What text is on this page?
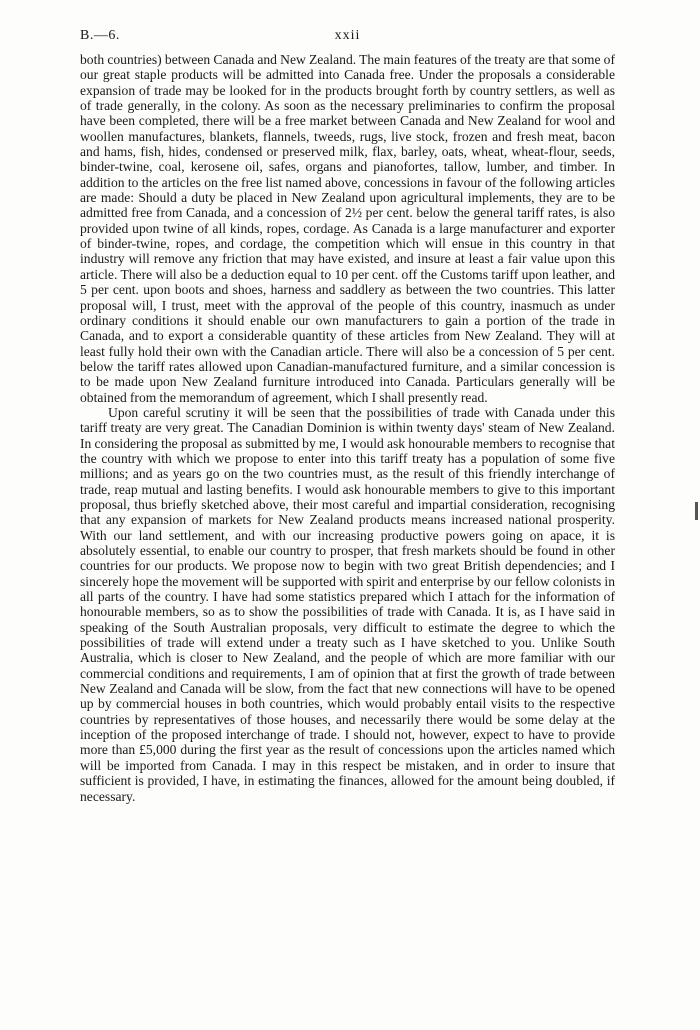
B.—6.	xxii

both countries) between Canada and New Zealand. The main features of the treaty are that some of our great staple products will be admitted into Canada free. Under the proposals a considerable expansion of trade may be looked for in the products brought forth by country settlers, as well as of trade generally, in the colony. As soon as the necessary preliminaries to confirm the proposal have been completed, there will be a free market between Canada and New Zealand for wool and woollen manufactures, blankets, flannels, tweeds, rugs, live stock, frozen and fresh meat, bacon and hams, fish, hides, condensed or preserved milk, flax, barley, oats, wheat, wheat-flour, seeds, binder-twine, coal, kerosene oil, safes, organs and pianofortes, tallow, lumber, and timber. In addition to the articles on the free list named above, concessions in favour of the following articles are made: Should a duty be placed in New Zealand upon agricultural implements, they are to be admitted free from Canada, and a concession of 2½ per cent. below the general tariff rates, is also provided upon twine of all kinds, ropes, cordage. As Canada is a large manufacturer and exporter of binder-twine, ropes, and cordage, the competition which will ensue in this country in that industry will remove any friction that may have existed, and insure at least a fair value upon this article. There will also be a deduction equal to 10 per cent. off the Customs tariff upon leather, and 5 per cent. upon boots and shoes, harness and saddlery as between the two countries. This latter proposal will, I trust, meet with the approval of the people of this country, inasmuch as under ordinary conditions it should enable our own manufacturers to gain a portion of the trade in Canada, and to export a considerable quantity of these articles from New Zealand. They will at least fully hold their own with the Canadian article. There will also be a concession of 5 per cent. below the tariff rates allowed upon Canadian-manufactured furniture, and a similar concession is to be made upon New Zealand furniture introduced into Canada. Particulars generally will be obtained from the memorandum of agreement, which I shall presently read.

Upon careful scrutiny it will be seen that the possibilities of trade with Canada under this tariff treaty are very great. The Canadian Dominion is within twenty days' steam of New Zealand. In considering the proposal as submitted by me, I would ask honourable members to recognise that the country with which we propose to enter into this tariff treaty has a population of some five millions; and as years go on the two countries must, as the result of this friendly interchange of trade, reap mutual and lasting benefits. I would ask honourable members to give to this important proposal, thus briefly sketched above, their most careful and impartial consideration, recognising that any expansion of markets for New Zealand products means increased national prosperity. With our land settlement, and with our increasing productive powers going on apace, it is absolutely essential, to enable our country to prosper, that fresh markets should be found in other countries for our products. We propose now to begin with two great British dependencies; and I sincerely hope the movement will be supported with spirit and enterprise by our fellow colonists in all parts of the country. I have had some statistics prepared which I attach for the information of honourable members, so as to show the possibilities of trade with Canada. It is, as I have said in speaking of the South Australian proposals, very difficult to estimate the degree to which the possibilities of trade will extend under a treaty such as I have sketched to you. Unlike South Australia, which is closer to New Zealand, and the people of which are more familiar with our commercial conditions and requirements, I am of opinion that at first the growth of trade between New Zealand and Canada will be slow, from the fact that new connections will have to be opened up by commercial houses in both countries, which would probably entail visits to the respective countries by representatives of those houses, and necessarily there would be some delay at the inception of the proposed interchange of trade. I should not, however, expect to have to provide more than £5,000 during the first year as the result of concessions upon the articles named which will be imported from Canada. I may in this respect be mistaken, and in order to insure that sufficient is provided, I have, in estimating the finances, allowed for the amount being doubled, if necessary.
